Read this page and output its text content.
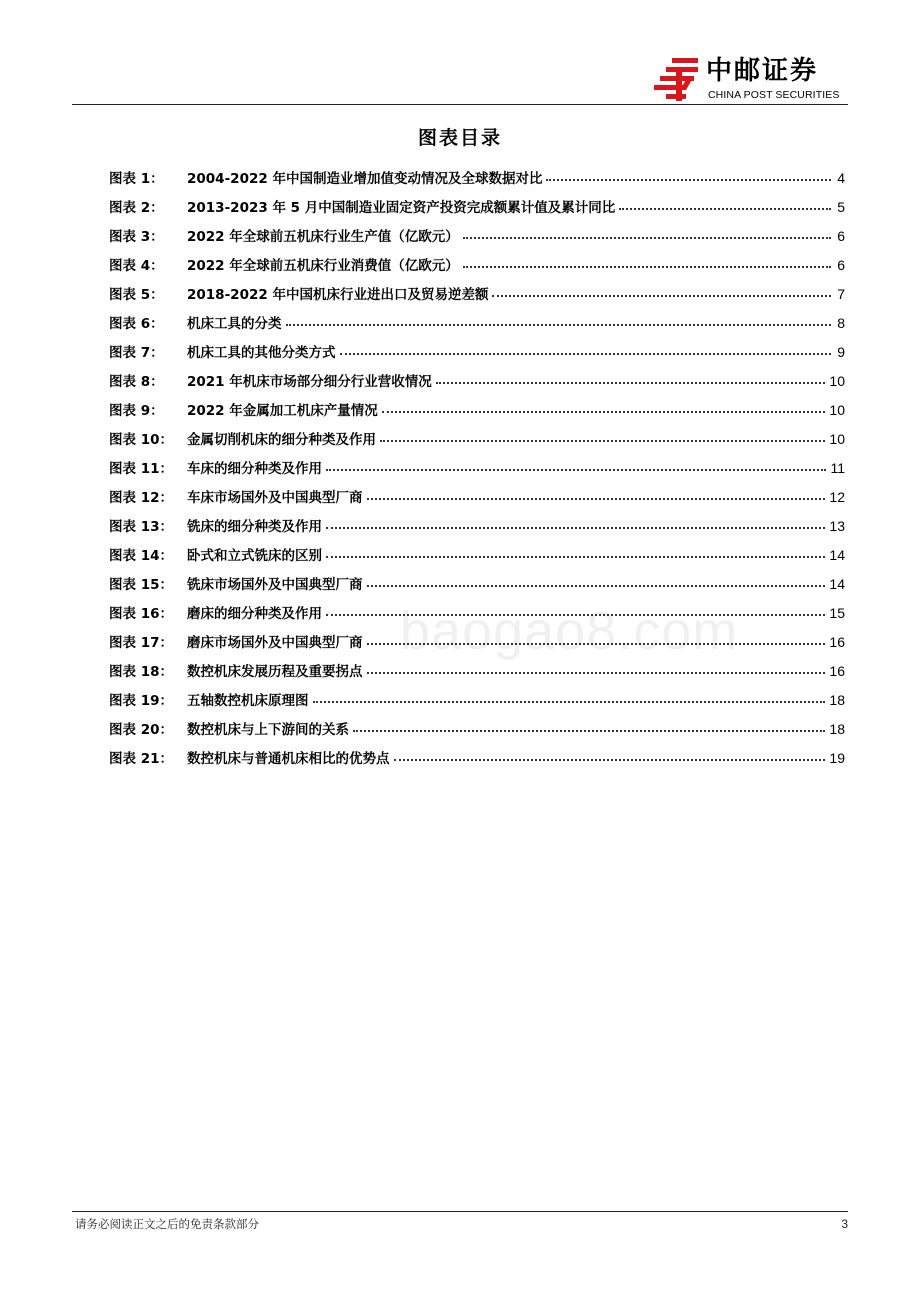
中邮证券
CHINA POST SECURITIES
图表目录
图表 1：	2004-2022 年中国制造业增加值变动情况及全球数据对比	4
图表 2：	2013-2023 年 5 月中国制造业固定资产投资完成额累计值及累计同比	5
图表 3：	2022 年全球前五机床行业生产值（亿欧元）	6
图表 4：	2022 年全球前五机床行业消费值（亿欧元）	6
图表 5：	2018-2022 年中国机床行业进出口及贸易逆差额	7
图表 6：	机床工具的分类	8
图表 7：	机床工具的其他分类方式	9
图表 8：	2021 年机床市场部分细分行业营收情况	10
图表 9：	2022 年金属加工机床产量情况	10
图表 10：	金属切削机床的细分种类及作用	10
图表 11：	车床的细分种类及作用	11
图表 12：	车床市场国外及中国典型厂商	12
图表 13：	铣床的细分种类及作用	13
图表 14：	卧式和立式铣床的区别	14
图表 15：	铣床市场国外及中国典型厂商	14
图表 16：	磨床的细分种类及作用	15
图表 17：	磨床市场国外及中国典型厂商	16
图表 18：	数控机床发展历程及重要拐点	16
图表 19：	五轴数控机床原理图	18
图表 20：	数控机床与上下游间的关系	18
图表 21：	数控机床与普通机床相比的优势点	19
baogao8.com
请务必阅读正文之后的免责条款部分	3
